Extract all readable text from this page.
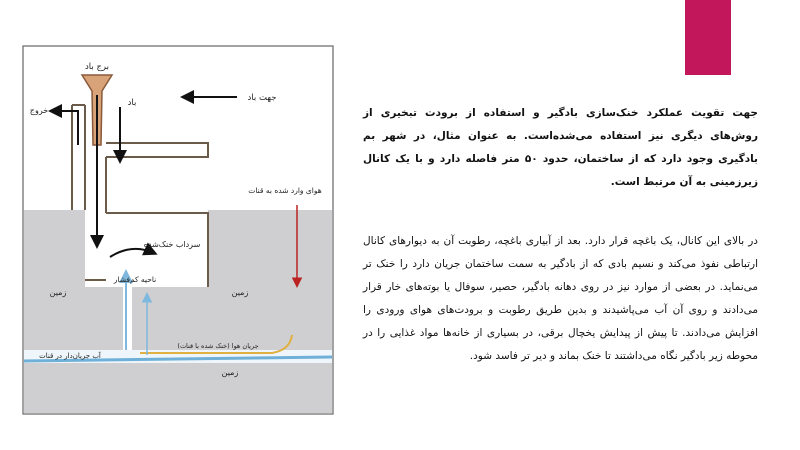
برج باد
باد	جهت باد
خروج
هوای وارد شده به قنات
سرداب خنک‌شده
ناحیه کم‌فشار
زمین	زمین
جریان هوا (خنک شده با قنات)
آب جریان‌دار در قنات
زمین
جهت تقویت عملکرد خنک‌سازی بادگیر و استفاده از برودت تبخیری از روش‌های دیگری نیز استفاده می‌شده‌است. به عنوان مثال، در شهر بم بادگیری وجود دارد که از ساختمان، حدود ۵۰ متر فاصله دارد و با یک کانال زیرزمینی به آن مرتبط است.
در بالای این کانال، یک باغچه قرار دارد. بعد از آبیاری باغچه، رطوبت آن به دیوارهای کانال ارتباطی نفوذ می‌کند و نسیم بادی که از بادگیر به سمت ساختمان جریان دارد را خنک تر می‌نماید. در بعضی از موارد نیز در روی دهانه بادگیر، حصیر، سوفال یا بوته‌های خار قرار می‌دادند و روی آن آب می‌پاشیدند و بدین طریق رطوبت و برودت‌های هوای ورودی را افزایش می‌دادند. تا پیش از پیدایش یخچال برقی، در بسیاری از خانه‌ها مواد غذایی را در محوطه زیر بادگیر نگاه می‌داشتند تا خنک بماند و دیر تر فاسد شود.
